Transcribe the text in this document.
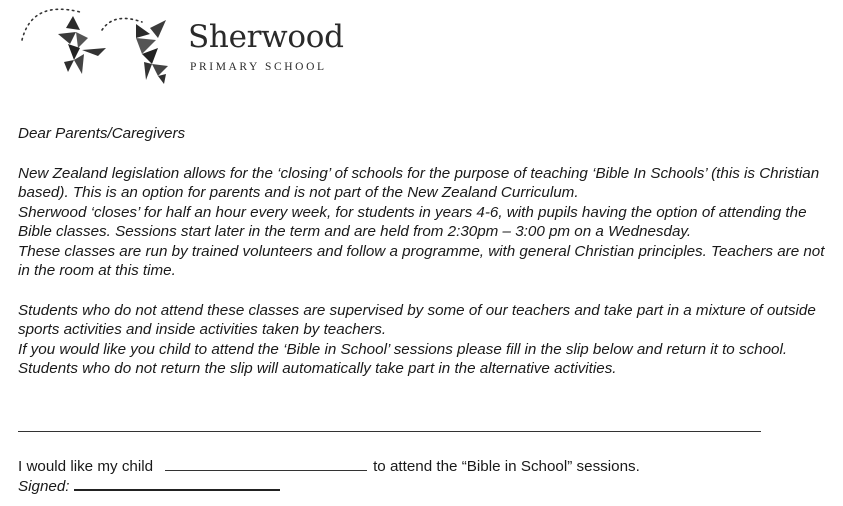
Sherwood
PRIMARY SCHOOL

Dear Parents/Caregivers

New Zealand legislation allows for the ‘closing’ of schools for the purpose of teaching ‘Bible In Schools’ (this is Christian based). This is an option for parents and is not part of the New Zealand Curriculum.

Sherwood ‘closes’ for half an hour every week, for students in years 4-6, with pupils having the option of attending the Bible classes. Sessions start later in the term and are held from 2:30pm – 3:00 pm on a Wednesday.

These classes are run by trained volunteers and follow a programme, with general Christian principles. Teachers are not in the room at this time.

Students who do not attend these classes are supervised by some of our teachers and take part in a mixture of outside sports activities and inside activities taken by teachers.

If you would like you child to attend the ‘Bible in School’ sessions please fill in the slip below and return it to school.

Students who do not return the slip will automatically take part in the alternative activities.

I would like my child	to attend the “Bible in School” sessions.
Signed:
